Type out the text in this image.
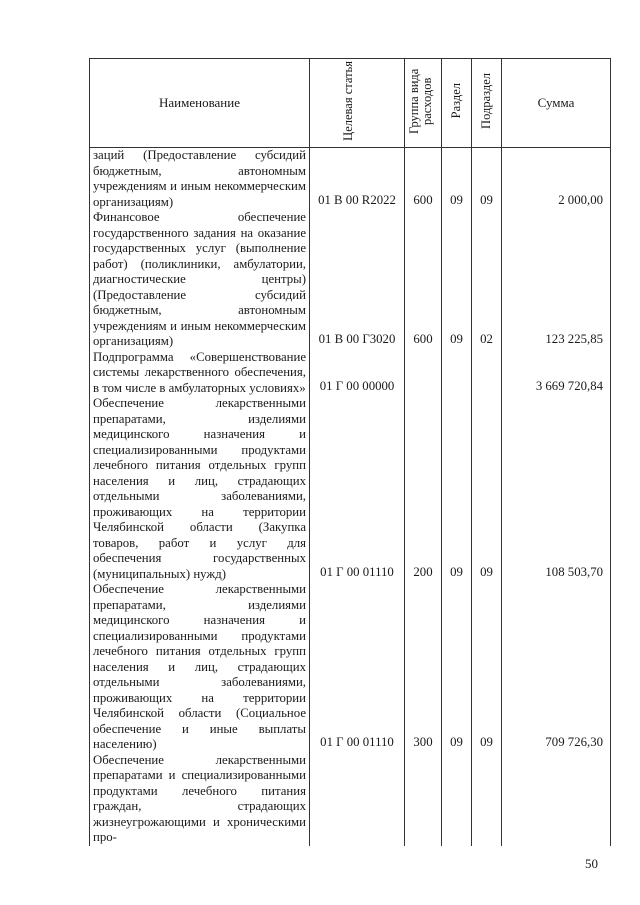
Наименование	Целевая статья	Группа вида расходов	Раздел	Подраздел	Сумма
заций (Предоставление субсидий бюджетным, автономным учреждениям и иным некоммерческим организациям)	01 В 00 R2022	600	09	09	2 000,00
Финансовое обеспечение государственного задания на оказание государственных услуг (выполнение работ) (поликлиники, амбулатории, диагностические центры) (Предоставление субсидий бюджетным, автономным учреждениям и иным некоммерческим организациям)	01 В 00 Г3020	600	09	02	123 225,85
Подпрограмма «Совершенствование системы лекарственного обеспечения, в том числе в амбулаторных условиях»	01 Г 00 00000				3 669 720,84
Обеспечение лекарственными препаратами, изделиями медицинского назначения и специализированными продуктами лечебного питания отдельных групп населения и лиц, страдающих отдельными заболеваниями, проживающих на территории Челябинской области (Закупка товаров, работ и услуг для обеспечения государственных (муниципальных) нужд)	01 Г 00 01110	200	09	09	108 503,70
Обеспечение лекарственными препаратами, изделиями медицинского назначения и специализированными продуктами лечебного питания отдельных групп населения и лиц, страдающих отдельными заболеваниями, проживающих на территории Челябинской области (Социальное обеспечение и иные выплаты населению)	01 Г 00 01110	300	09	09	709 726,30
Обеспечение лекарственными препаратами и специализированными продуктами лечебного питания граждан, страдающих жизнеугрожающими и хроническими про-					
50
